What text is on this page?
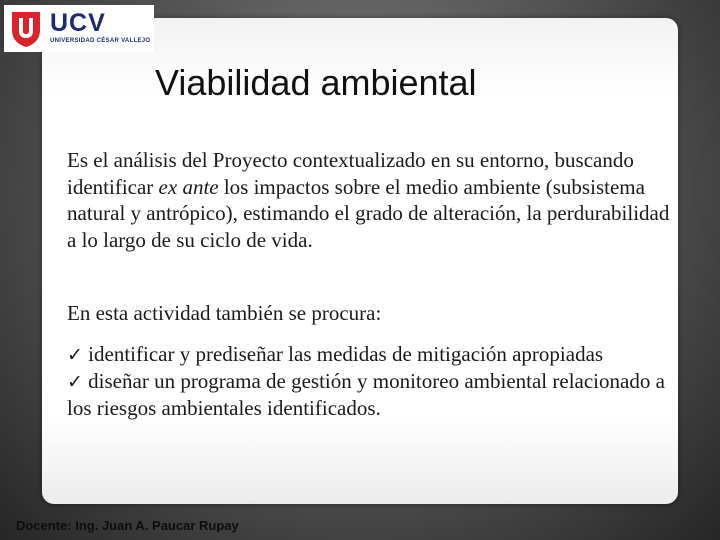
UCV
UNIVERSIDAD CÉSAR VALLEJO
Viabilidad ambiental
Es el análisis del Proyecto contextualizado en su entorno, buscando identificar ex ante los impactos sobre el medio ambiente (subsistema natural y antrópico), estimando el grado de alteración, la perdurabilidad a lo largo de su ciclo de vida.
En esta actividad también se procura:
✓ identificar y prediseñar las medidas de mitigación apropiadas
✓ diseñar un programa de gestión y monitoreo ambiental relacionado a los riesgos ambientales identificados.
Docente: Ing. Juan A. Paucar Rupay
